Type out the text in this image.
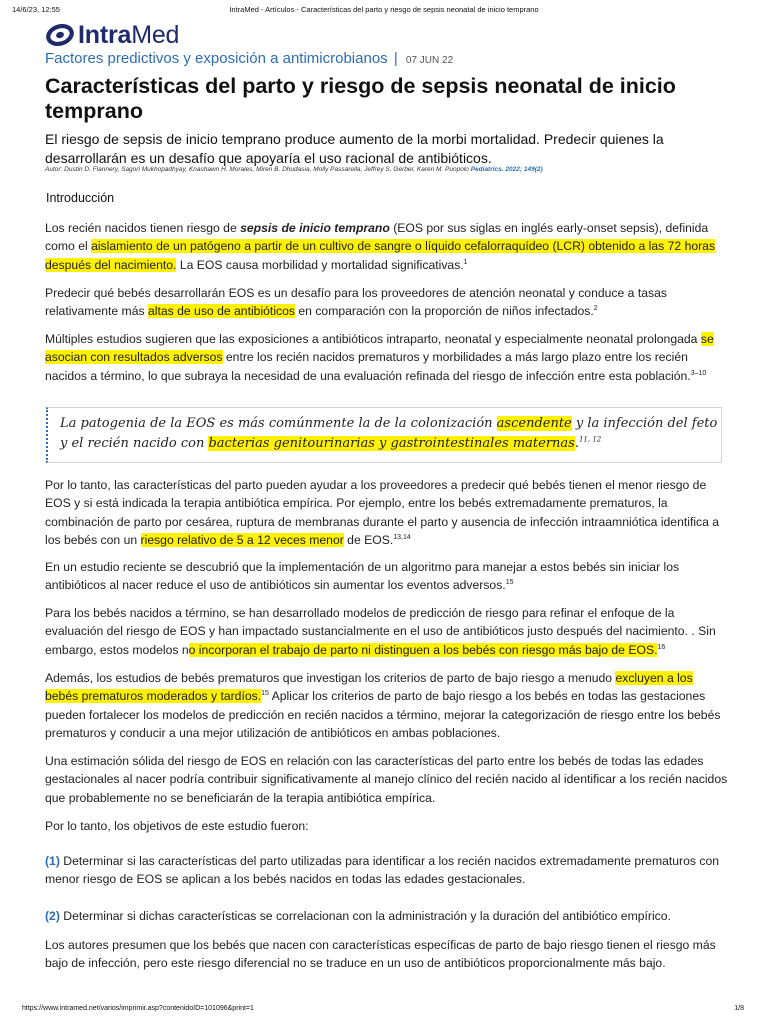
14/6/23, 12:55	IntraMed - Artículos - Características del parto y riesgo de sepsis neonatal de inicio temprano
IntraMed
Factores predictivos y exposición a antimicrobianos | 07 JUN 22
Características del parto y riesgo de sepsis neonatal de inicio temprano

El riesgo de sepsis de inicio temprano produce aumento de la morbi mortalidad. Predecir quienes la desarrollarán es un desafío que apoyaría el uso racional de antibióticos.

Autor: Dustin D. Flannery, Sagori Mukhopadhyay, Knashawn H. Morales, Miren B. Dhudasia, Molly Passarella, Jeffrey S. Gerber, Karen M. Puopolo Pediatrics. 2022; 149(2)

Introducción

Los recién nacidos tienen riesgo de sepsis de inicio temprano (EOS por sus siglas en inglés early-onset sepsis), definida como el aislamiento de un patógeno a partir de un cultivo de sangre o líquido cefalorraquídeo (LCR) obtenido a las 72 horas después del nacimiento. La EOS causa morbilidad y mortalidad significativas.$^1$

Predecir qué bebés desarrollarán EOS es un desafío para los proveedores de atención neonatal y conduce a tasas relativamente más altas de uso de antibióticos en comparación con la proporción de niños infectados.$^2$

Múltiples estudios sugieren que las exposiciones a antibióticos intraparto, neonatal y especialmente neonatal prolongada se asocian con resultados adversos entre los recién nacidos prematuros y morbilidades a más largo plazo entre los recién nacidos a término, lo que subraya la necesidad de una evaluación refinada del riesgo de infección entre esta población.$^{3-10}$

La patogenia de la EOS es más comúnmente la de la colonización ascendente y la infección del feto y el recién nacido con bacterias genitourinarias y gastrointestinales maternas.$^{11, 12}$

Por lo tanto, las características del parto pueden ayudar a los proveedores a predecir qué bebés tienen el menor riesgo de EOS y si está indicada la terapia antibiótica empírica. Por ejemplo, entre los bebés extremadamente prematuros, la combinación de parto por cesárea, ruptura de membranas durante el parto y ausencia de infección intraamniótica identifica a los bebés con un riesgo relativo de 5 a 12 veces menor de EOS.$^{13,14}$

En un estudio reciente se descubrió que la implementación de un algoritmo para manejar a estos bebés sin iniciar los antibióticos al nacer reduce el uso de antibióticos sin aumentar los eventos adversos.$^{15}$

Para los bebés nacidos a término, se han desarrollado modelos de predicción de riesgo para refinar el enfoque de la evaluación del riesgo de EOS y han impactado sustancialmente en el uso de antibióticos justo después del nacimiento. . Sin embargo, estos modelos no incorporan el trabajo de parto ni distinguen a los bebés con riesgo más bajo de EOS.$^{16}$

Además, los estudios de bebés prematuros que investigan los criterios de parto de bajo riesgo a menudo excluyen a los bebés prematuros moderados y tardíos.$^{15}$ Aplicar los criterios de parto de bajo riesgo a los bebés en todas las gestaciones pueden fortalecer los modelos de predicción en recién nacidos a término, mejorar la categorización de riesgo entre los bebés prematuros y conducir a una mejor utilización de antibióticos en ambas poblaciones.

Una estimación sólida del riesgo de EOS en relación con las características del parto entre los bebés de todas las edades gestacionales al nacer podría contribuir significativamente al manejo clínico del recién nacido al identificar a los recién nacidos que probablemente no se beneficiarán de la terapia antibiótica empírica.

Por lo tanto, los objetivos de este estudio fueron:

(1) Determinar si las características del parto utilizadas para identificar a los recién nacidos extremadamente prematuros con menor riesgo de EOS se aplican a los bebés nacidos en todas las edades gestacionales.

(2) Determinar si dichas características se correlacionan con la administración y la duración del antibiótico empírico.

Los autores presumen que los bebés que nacen con características específicas de parto de bajo riesgo tienen el riesgo más bajo de infección, pero este riesgo diferencial no se traduce en un uso de antibióticos proporcionalmente más bajo.

https://www.intramed.net/varios/imprimir.asp?contenidoID=101096&print=1	1/8
